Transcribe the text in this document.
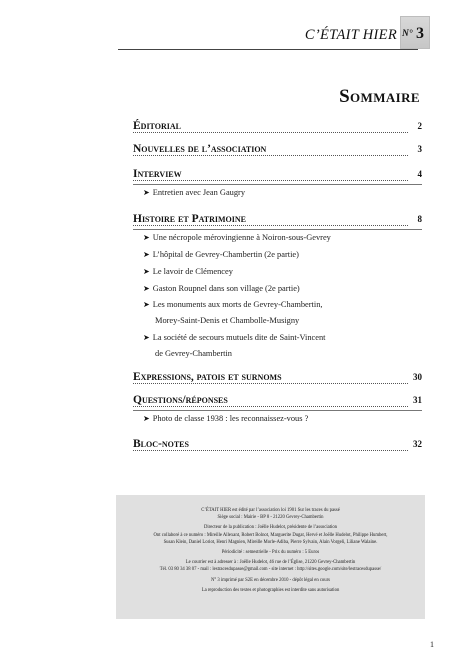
C’ÉTAIT HIER N° 3
Sommaire
Éditorial	2
Nouvelles de l’association	3
Interview	4
➤ Entretien avec Jean Gaugry
Histoire et Patrimoine	8
➤ Une nécropole mérovingienne à Noiron-sous-Gevrey
➤ L’hôpital de Gevrey-Chambertin (2e partie)
➤ Le lavoir de Clémencey
➤ Gaston Roupnel dans son village (2e partie)
➤ Les monuments aux morts de Gevrey-Chambertin,
Morey-Saint-Denis et Chambolle-Musigny
➤ La société de secours mutuels dite de Saint-Vincent
de Gevrey-Chambertin
Expressions, patois et surnoms	30
Questions/réponses	31
➤ Photo de classe 1938 : les reconnaissez-vous ?
Bloc-notes	32

C’ÉTAIT HIER est édité par l’association loi 1901 Sur les traces du passé

Siège social : Mairie - BP 8 - 21220 Gevrey-Chambertin

Directeur de la publication : Joëlle Hudelot, présidente de l’association

Ont collaboré à ce numéro : Mireille Allexant, Robert Bolnot, Marguerite Dugat, Hervé et Joëlle Hudelot, Philippe Humbert,

Susan Klein, Daniel Loriot, Henri Magnien, Mireille Morle-Adiba, Pierre Sylvain, Alain Vorgeli, Liliane Walaine.

Périodicité : semestrielle - Prix du numéro : 5 Euros

Le courrier est à adresser à : Joëlle Hudelot, 46 rue de l’Église, 21220 Gevrey-Chambertin

Tél. 03 80 34 38 07 - mail : lestracesdupasse@gmail.com - site internet : http://sites.google.com/site/lestracesdupasse/

N° 3 imprimé par S2E en décembre 2010 - dépôt légal en cours

La reproduction des textes et photographies est interdite sans autorisation

1
